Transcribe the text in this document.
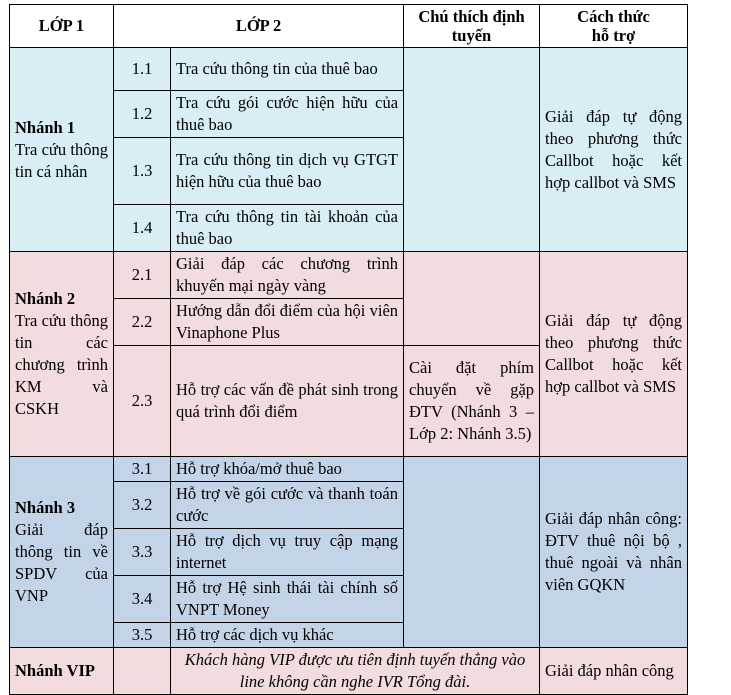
LỚP 1	LỚP 2		Chú thích định tuyến	Cách thức hỗ trợ

Nhánh 1
Tra cứu thông tin cá nhân	1.1	Tra cứu thông tin của thuê bao		Giải đáp tự động theo phương thức Callbot hoặc kết hợp callbot và SMS
	1.2	Tra cứu gói cước hiện hữu của thuê bao		
	1.3	Tra cứu thông tin dịch vụ GTGT hiện hữu của thuê bao		
	1.4	Tra cứu thông tin tài khoản của thuê bao		

Nhánh 2
Tra cứu thông tin các chương trình KM và CSKH	2.1	Giải đáp các chương trình khuyến mại ngày vàng		Giải đáp tự động theo phương thức Callbot hoặc kết hợp callbot và SMS
	2.2	Hướng dẫn đổi điểm của hội viên Vinaphone Plus		
	2.3	Hỗ trợ các vấn đề phát sinh trong quá trình đổi điểm	Cài đặt phím chuyển về gặp ĐTV (Nhánh 3 – Lớp 2: Nhánh 3.5)	

Nhánh 3
Giải đáp thông tin về SPDV của VNP	3.1	Hỗ trợ khóa/mở thuê bao		Giải đáp nhân công: ĐTV thuê nội bộ , thuê ngoài và nhân viên GQKN
	3.2	Hỗ trợ về gói cước và thanh toán cước		
	3.3	Hỗ trợ dịch vụ truy cập mạng internet		
	3.4	Hỗ trợ Hệ sinh thái tài chính số VNPT Money		
	3.5	Hỗ trợ các dịch vụ khác		
Nhánh VIP		Khách hàng VIP được ưu tiên định tuyến thẳng vào line không cần nghe IVR Tổng đài.		Giải đáp nhân công
